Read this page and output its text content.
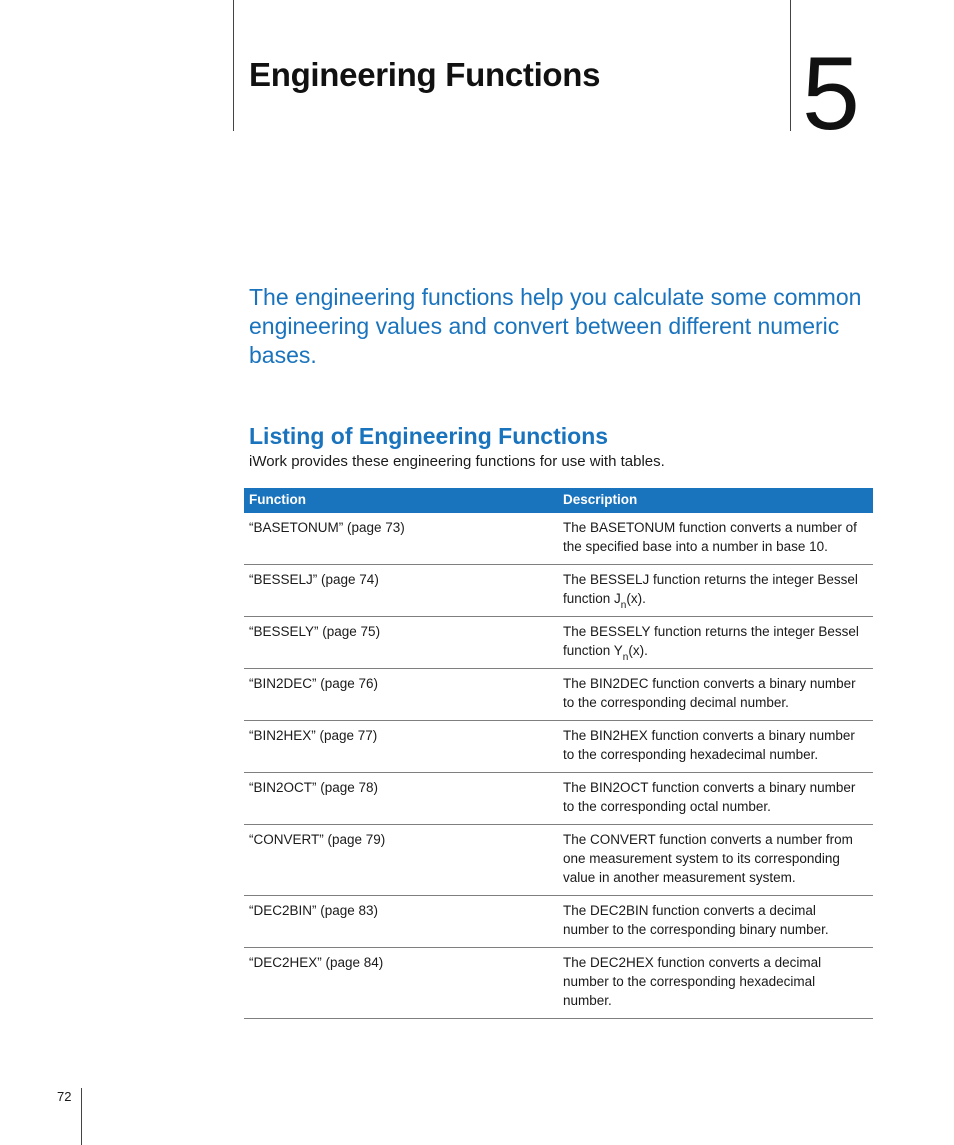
Engineering Functions 5

The engineering functions help you calculate some common engineering values and convert between different numeric bases.

Listing of Engineering Functions

iWork provides these engineering functions for use with tables.

Function	Description
“BASETONUM” (page 73)	The BASETONUM function converts a number of the specified base into a number in base 10.
“BESSELJ” (page 74)	The BESSELJ function returns the integer Bessel function $J_n(x)$.
“BESSELY” (page 75)	The BESSELY function returns the integer Bessel function $Y_n(x)$.
“BIN2DEC” (page 76)	The BIN2DEC function converts a binary number to the corresponding decimal number.
“BIN2HEX” (page 77)	The BIN2HEX function converts a binary number to the corresponding hexadecimal number.
“BIN2OCT” (page 78)	The BIN2OCT function converts a binary number to the corresponding octal number.
“CONVERT” (page 79)	The CONVERT function converts a number from one measurement system to its corresponding value in another measurement system.
“DEC2BIN” (page 83)	The DEC2BIN function converts a decimal number to the corresponding binary number.
“DEC2HEX” (page 84)	The DEC2HEX function converts a decimal number to the corresponding hexadecimal number.
72
